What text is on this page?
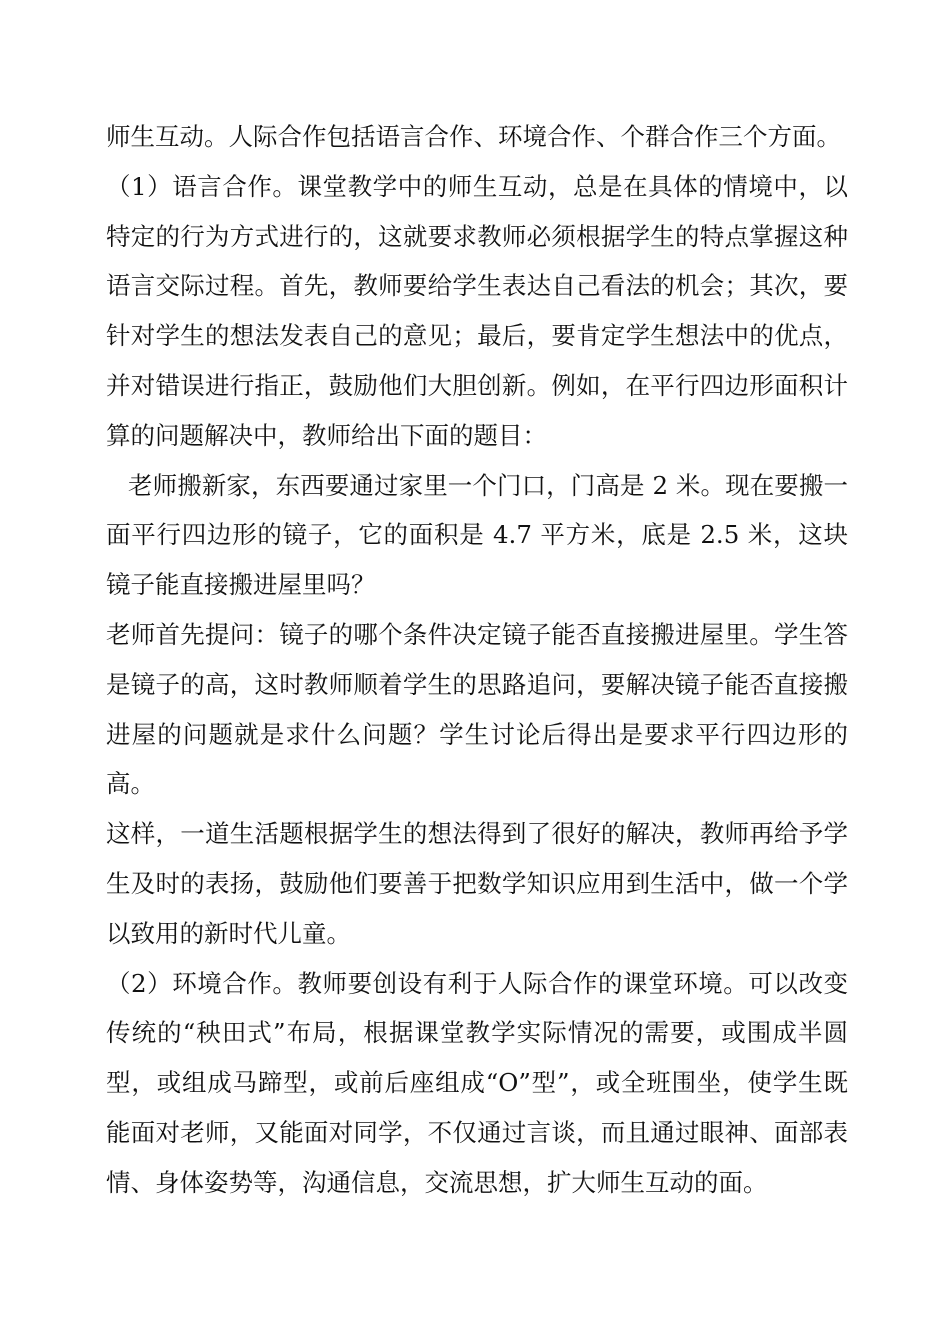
师生互动。人际合作包括语言合作、环境合作、个群合作三个方面。

（1）语言合作。课堂教学中的师生互动，总是在具体的情境中，以特定的行为方式进行的，这就要求教师必须根据学生的特点掌握这种语言交际过程。首先，教师要给学生表达自己看法的机会；其次，要针对学生的想法发表自己的意见；最后，要肯定学生想法中的优点，并对错误进行指正，鼓励他们大胆创新。例如，在平行四边形面积计算的问题解决中，教师给出下面的题目：

老师搬新家，东西要通过家里一个门口，门高是 2 米。现在要搬一面平行四边形的镜子，它的面积是 4.7 平方米，底是 2.5 米，这块镜子能直接搬进屋里吗？

老师首先提问：镜子的哪个条件决定镜子能否直接搬进屋里。学生答是镜子的高，这时教师顺着学生的思路追问，要解决镜子能否直接搬进屋的问题就是求什么问题？学生讨论后得出是要求平行四边形的高。

这样，一道生活题根据学生的想法得到了很好的解决，教师再给予学生及时的表扬，鼓励他们要善于把数学知识应用到生活中，做一个学以致用的新时代儿童。

（2）环境合作。教师要创设有利于人际合作的课堂环境。可以改变传统的“秧田式”布局，根据课堂教学实际情况的需要，或围成半圆型，或组成马蹄型，或前后座组成“O”型”，或全班围坐，使学生既能面对老师，又能面对同学，不仅通过言谈，而且通过眼神、面部表情、身体姿势等，沟通信息，交流思想，扩大师生互动的面。
